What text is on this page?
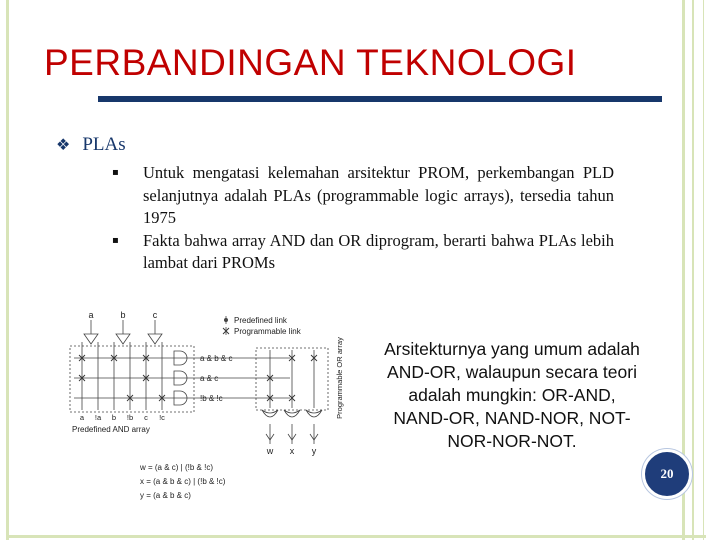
PERBANDINGAN TEKNOLOGI
❖ PLAs
▪ Untuk mengatasi kelemahan arsitektur PROM, perkembangan PLD selanjutnya adalah PLAs (programmable logic arrays), tersedia tahun 1975
▪ Fakta bahwa array AND dan OR diprogram, berarti bahwa PLAs lebih lambat dari PROMs
a	b	c
Predefined link
Programmable link
a & b & c
a & c
!b & !c
a !a b !b c !c
Predefined AND array
Programmable OR array
w x y
w = (a & c) | (!b & !c)
x = (a & b & c) | (!b & !c)
y = (a & b & c)
Arsitekturnya yang umum adalah AND-OR, walaupun secara teori adalah mungkin: OR-AND, NAND-OR, NAND-NOR, NOT-NOR-NOR-NOT.
20
